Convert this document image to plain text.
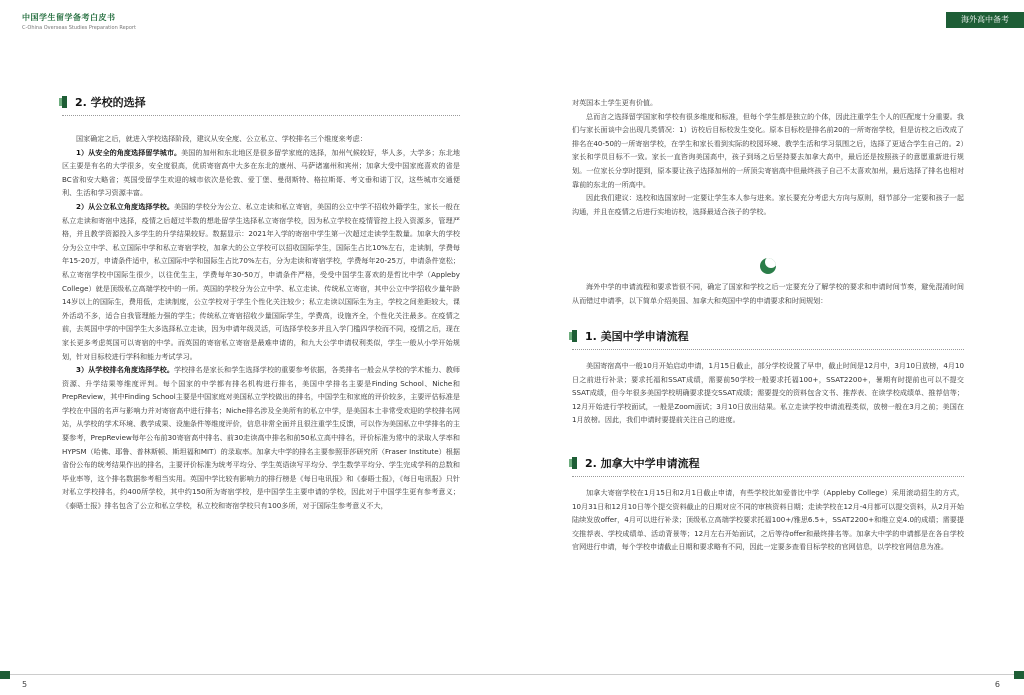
中国学生留学备考白皮书
C-Ohina Overseas Studies Preparation Report
2. 学校的选择

国家确定之后，就进入学校选择阶段，建议从安全度、公立私立、学校排名三个维度来考虑：

1）从安全的角度选择留学城市。美国的加州和东北地区是很多留学家庭的选择，加州气候较好，华人多，大学多；东北地区主要是有名的大学很多，安全度很高，优质寄宿高中大多在东北的康州、马萨诸塞州和宾州；加拿大受中国家庭喜欢的省是BC省和安大略省；英国受留学生欢迎的城市依次是伦敦、爱丁堡、曼彻斯特、格拉斯哥、考文垂和诺丁汉，这些城市交通便利、生活和学习资源丰富。

2）从公立私立角度选择学校。美国的学校分为公立、私立走读和私立寄宿，美国的公立中学不招收外籍学生，家长一般在私立走读和寄宿中选择，疫情之后超过半数的想赴留学生选择私立寄宿学校，因为私立学校在疫情管控上投入资源多，管理严格，并且教学资源投入多学生的升学结果较好。数据显示：2021年入学的寄宿中学生第一次超过走读学生数量。加拿大的学校分为公立中学、私立国际中学和私立寄宿学校，加拿大的公立学校可以招收国际学生，国际生占比10%左右，走读制，学费每年15-20万，申请条件适中，私立国际中学和国际生占比70%左右，分为走读和寄宿学校，学费每年20-25万，申请条件宽松；私立寄宿学校中国际生很少，以往优生主，学费每年30-50万，申请条件严格，受受中国学生喜欢的是哲比中学（Appleby College）就是顶级私立高端学校中的一所。英国的学校分为公立中学、私立走读、传统私立寄宿，其中公立中学招收少量年龄14岁以上的国际生，费用低，走读制度，公立学校对于学生个性化关注较少；私立走读以国际生为主，学校之间差距较大，课外活动不多，适合自我管理能力强的学生；传统私立寄宿招收少量国际学生，学费高，设施齐全，个性化关注最多。在疫情之前，去英国中学的中国学生大多选择私立走读，因为申请年级灵活，可选择学校多并且入学门槛四学校而不同，疫情之后，现在家长更多考虑英国可以寄宿的中学。而英国的寄宿私立寄宿是最难申请的，和九大公学申请权利类似，学生一般从小学开始规划，针对目标校进行学科和能力考试学习。

3）从学校排名角度选择学校。学校排名是家长和学生选择学校的重要参考依据，各类排名一般会从学校的学术能力、教师资源、升学结果等维度评判。每个国家的中学都有排名机构进行排名，美国中学排名主要是Finding School、Niche和PrepReview，其中Finding School主要是中国家庭对美国私立学校做出的排名，中国学生和家庭的评价较多，主要评估标准是学校在中国的名声与影响力并对寄宿高中进行排名；Niche排名涉及全美所有的私立中学，是美国本土非常受欢迎的学校排名网站，从学校的学术环境、教学成果、设施条件等维度评价，信息非常全面并且很注重学生反馈，可以作为美国私立中学排名的主要参考，PrepReview每年公布前30寄宿高中排名、前30走读高中排名和前50私立高中排名，评价标准为常中的录取人学率和HYPSM（哈佛、耶鲁、普林斯顿、斯坦福和MIT）的录取率。加拿大中学的排名主要参照菲莎研究所（Fraser Institute）根据省份公布的统考结果作出的排名，主要评价标准为统考平均分、学生英语读写平均分、学生数学平均分、学生完成学科的总数和毕业率等，这个排名数据参考相当实用。英国中学比较有影响力的排行榜是《每日电讯报》和《泰晤士报》，《每日电讯报》只针对私立学校排名，约400所学校，其中约150所为寄宿学校，是中国学生主要申请的学校，因此对于中国学生更有参考意义；《泰晤士报》排名包含了公立和私立学校，私立校和寄宿学校只有100多所，对于国际生参考意义不大，

5
海外高中备考

对英国本土学生更有价值。

总而言之选择留学国家和学校有很多维度和标准，但每个学生都是独立的个体，因此注重学生个人的匹配度十分重要。我们与家长面谈中会出现几类情况：1）访校后目标校发生变化。原本目标校是排名前20的一所寄宿学校，但是访校之后改成了排名在40-50的一所寄宿学校，在学生和家长看到实际的校园环境、教学生活和学习氛围之后，选择了更适合学生自己的。2）家长和学员目标不一致。家长一直咨询美国高中，孩子到场之后坚持要去加拿大高中，最后还是按照孩子的意愿重新进行规划。一位家长分享时提到，原本要让孩子选择加州的一所顶尖寄宿高中但最终孩子自己不太喜欢加州，最后选择了排名也相对靠前的东北的一所高中。

因此我们建议：选校和选国家时一定要让学生本人参与进来。家长要充分考虑大方向与原则，细节部分一定要和孩子一起沟通，并且在疫情之后进行实地访校，选择最适合孩子的学校。

海外中学的申请流程和要求皆很不同，确定了国家和学校之后一定要充分了解学校的要求和申请时间节奏，避免混淆时间从而错过申请季，以下简单介绍美国、加拿大和英国中学的申请要求和时间规划：

1. 美国中学申请流程

美国寄宿高中一般10月开始启动申请，1月15日截止，部分学校设置了早申，截止时间是12月中，3月10日放榜，4月10日之前进行补录；要求托福和SSAT成绩，需要前50学校一般要求托福100+，SSAT2200+，暑期有时提前也可以不提交SSAT成绩，但今年很多美国学校明确要求提交SSAT成绩；需要提交的资料包含文书、推荐表、在读学校成绩单、推荐信等；12月开始进行学校面试，一般是Zoom面试；3月10日放出结果。私立走读学校申请流程类似，放榜一般在3月之前；美国在1月放榜。因此，我们申请时要提前关注自己的进度。

2. 加拿大中学申请流程

加拿大寄宿学校在1月15日和2月1日截止申请，有些学校比如爱普比中学（Appleby College）采用滚动招生的方式，10月31日和12月10日等个提交资料截止的日期对应不同的审核资料日期；走读学校在12月-4月都可以提交资料，从2月开始陆续发放offer，4月可以进行补录；顶级私立高端学校要求托福100+/雅思6.5+，SSAT2200+和维立克4.0的成绩；需要提交推荐表、学校成绩单、活动背景等；12月左右开始面试，之后等待offer和最终排名等。加拿大中学的申请都是在各自学校官网进行申请，每个学校申请截止日期和要求略有不同，因此一定要多查看目标学校的官网信息，以学校官网信息为准。

6
